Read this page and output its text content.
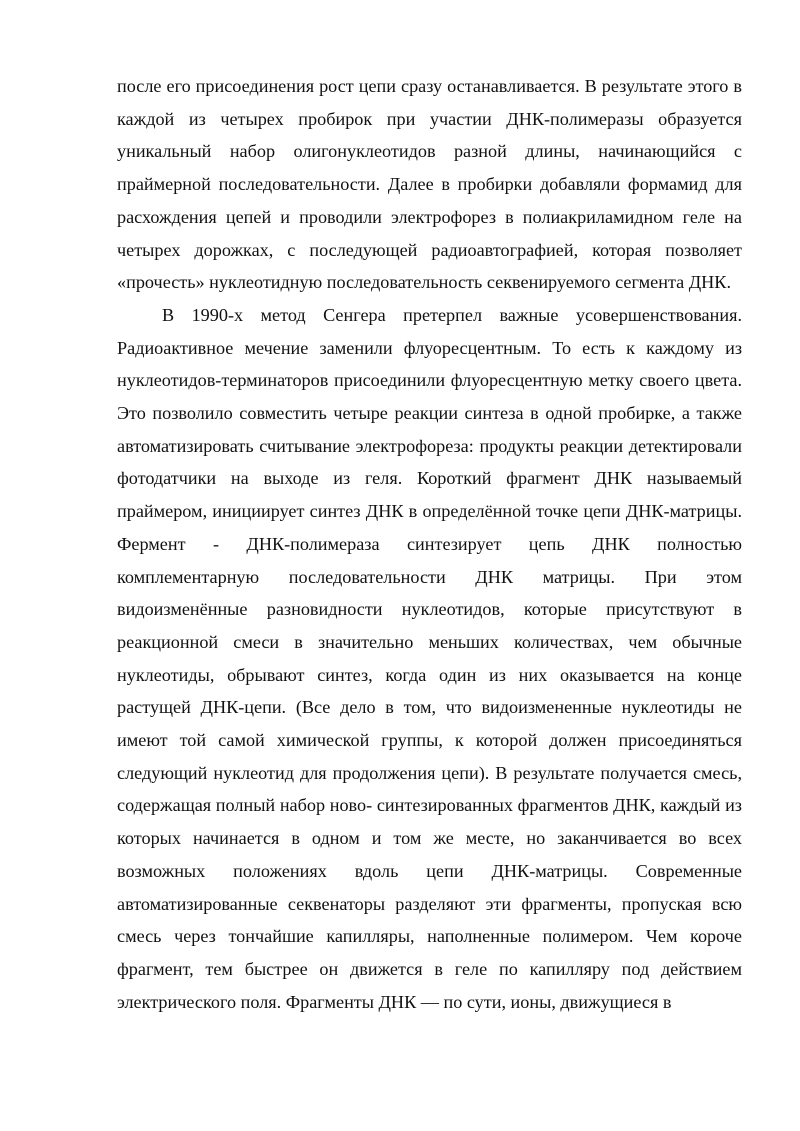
после его присоединения рост цепи сразу останавливается. В результате этого в каждой из четырех пробирок при участии ДНК-полимеразы образуется уникальный набор олигонуклеотидов разной длины, начинающийся с праймерной последовательности. Далее в пробирки добавляли формамид для расхождения цепей и проводили электрофорез в полиакриламидном геле на четырех дорожках, с последующей радиоавтографией, которая позволяет «прочесть» нуклеотидную последовательность секвенируемого сегмента ДНК.

В 1990-х метод Сенгера претерпел важные усовершенствования. Радиоактивное мечение заменили флуоресцентным. То есть к каждому из нуклеотидов-терминаторов присоединили флуоресцентную метку своего цвета. Это позволило совместить четыре реакции синтеза в одной пробирке, а также автоматизировать считывание электрофореза: продукты реакции детектировали фотодатчики на выходе из геля. Короткий фрагмент ДНК называемый праймером, инициирует синтез ДНК в определённой точке цепи ДНК-матрицы. Фермент - ДНК-полимераза синтезирует цепь ДНК полностью комплементарную последовательности ДНК матрицы. При этом видоизменённые разновидности нуклеотидов, которые присутствуют в реакционной смеси в значительно меньших количествах, чем обычные нуклеотиды, обрывают синтез, когда один из них оказывается на конце растущей ДНК-цепи. (Все дело в том, что видоизмененные нуклеотиды не имеют той самой химической группы, к которой должен присоединяться следующий нуклеотид для продолжения цепи). В результате получается смесь, содержащая полный набор ново- синтезированных фрагментов ДНК, каждый из которых начинается в одном и том же месте, но заканчивается во всех возможных положениях вдоль цепи ДНК-матрицы. Современные автоматизированные секвенаторы разделяют эти фрагменты, пропуская всю смесь через тончайшие капилляры, наполненные полимером. Чем короче фрагмент, тем быстрее он движется в геле по капилляру под действием электрического поля. Фрагменты ДНК — по сути, ионы, движущиеся в
